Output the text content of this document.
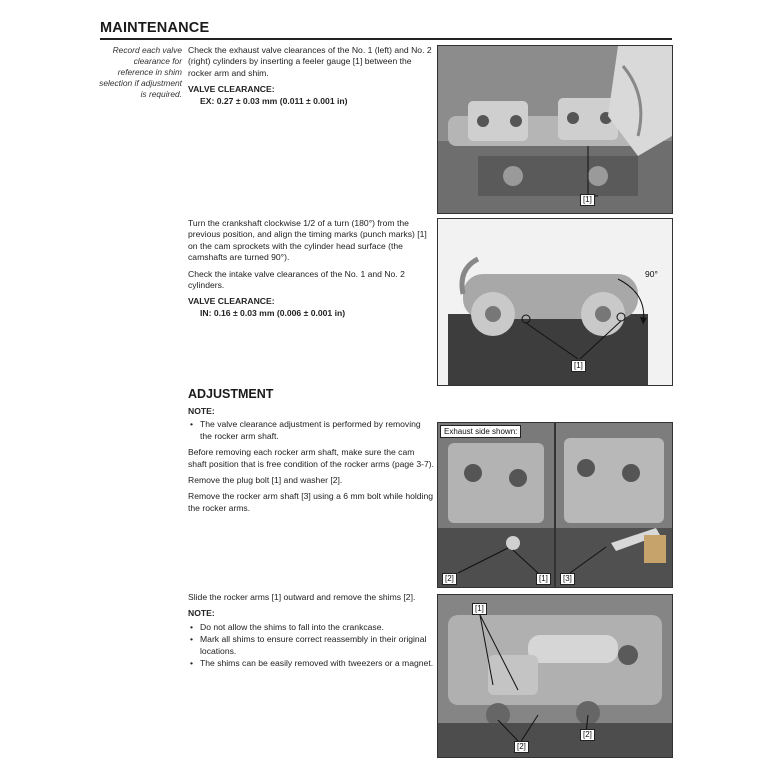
MAINTENANCE
Record each valve clearance for reference in shim selection if adjustment is required.

Check the exhaust valve clearances of the No. 1 (left) and No. 2 (right) cylinders by inserting a feeler gauge [1] between the rocker arm and shim.

VALVE CLEARANCE:
EX: 0.27 ± 0.03 mm (0.011 ± 0.001 in)
[1]

Turn the crankshaft clockwise 1/2 of a turn (180°) from the previous position, and align the timing marks (punch marks) [1] on the cam sprockets with the cylinder head surface (the camshafts are turned 90°).

Check the intake valve clearances of the No. 1 and No. 2 cylinders.

VALVE CLEARANCE:
IN: 0.16 ± 0.03 mm (0.006 ± 0.001 in)
90°
[1]
ADJUSTMENT
NOTE:
• The valve clearance adjustment is performed by removing the rocker arm shaft.

Before removing each rocker arm shaft, make sure the cam shaft position that is free condition of the rocker arms (page 3-7).

Remove the plug bolt [1] and washer [2].

Remove the rocker arm shaft [3] using a 6 mm bolt while holding the rocker arms.

Exhaust side shown:
[2]	[1]	[3]

Slide the rocker arms [1] outward and remove the shims [2].

NOTE:
• Do not allow the shims to fall into the crankcase.
• Mark all shims to ensure correct reassembly in their original locations.
• The shims can be easily removed with tweezers or a magnet.
[1]
[2]
[2]
